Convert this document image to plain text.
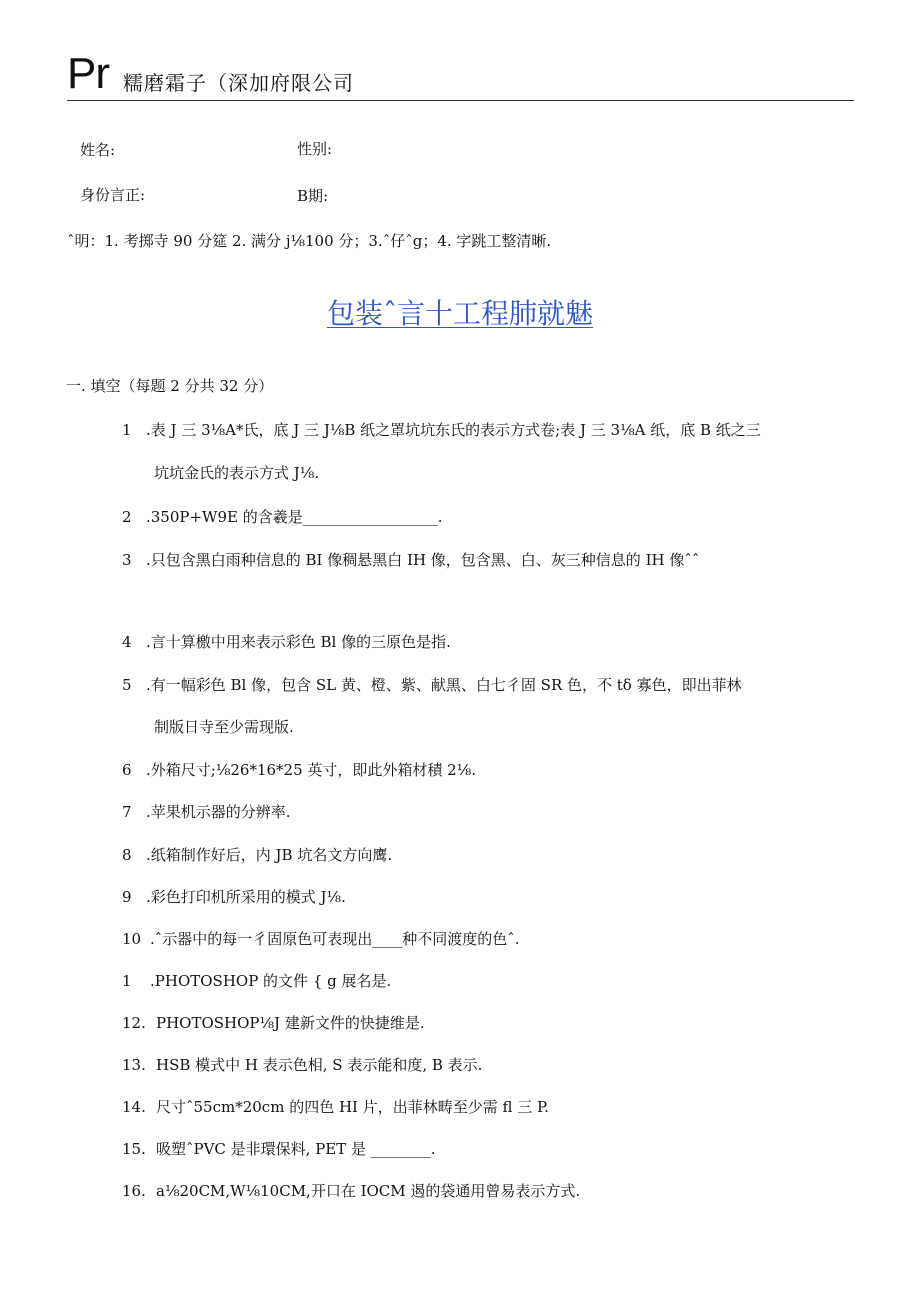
Pr 糯磨霜子（深加府限公司
姓名:	性别:
身份言正:	B期:
ˆ明：1. 考掷寺 90 分筵 2. 满分 j⅛100 分；3.ˆ仔ˆg；4. 字跳工整清晰.
包装ˆ言十工程肺就魅
一. 填空（每题 2 分共 32 分）
1 .表 J 三 3⅛A*氏，底 J 三 J⅛B 纸之罩坑坑东氏的表示方式卷;表 J 三 3⅛A 纸，底 B 纸之三
坑坑金氏的表示方式 J⅛.
2 .350P+W9E 的含羲是__________________.
3 .只包含黑白雨种信息的 BI 像稠悬黑白 IH 像，包含黑、白、灰三种信息的 IH 像ˆˆ
4 .言十算檄中用来表示彩色 Bl 像的三原色是指.
5 .有一幅彩色 Bl 像，包含 SL 黄、橙、紫、献黑、白七彳固 SR 色，不 tδ 寡色，即出菲林
制版日寺至少需现版.
6 .外箱尺寸;⅛26*16*25 英寸，即此外箱材積 2⅛.
7 .苹果机示器的分辨率.
8 .纸箱制作好后，内 JB 坑名文方向鹰.
9 .彩色打印机所采用的模式 J⅛.
10 .ˆ示器中的每一彳固原色可表现出____种不同渡度的色ˆ.
1 .PHOTOSHOP 的文件 { g 展名是.
12. PHOTOSHOP⅛J 建新文件的快捷维是.
13. HSB 模式中 H 表示色相, S 表示能和度, B 表示.
14. 尺寸ˆ55cm*20cm 的四色 HI 片，出菲林畴至少需 fl 三 P.
15. 吸塑ˆPVC 是非環保料, PET 是 ________.
16. a⅛20CM,W⅛10CM,开口在 IOCM 遏的袋通用曾易表示方式.
